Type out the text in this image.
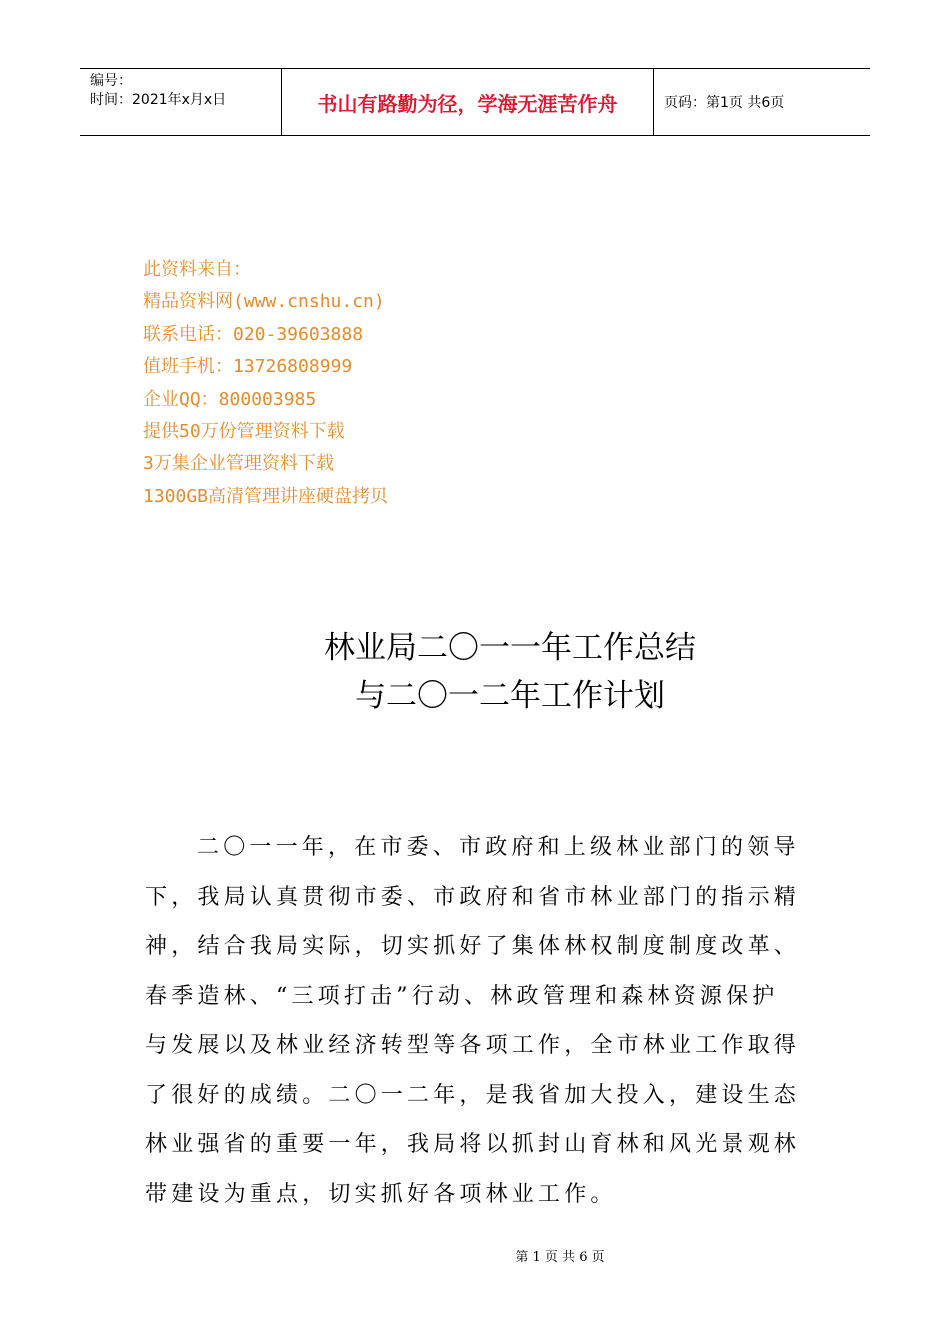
编号：
时间：2021年x月x日	书山有路勤为径，学海无涯苦作舟	页码：第1页 共6页
此资料来自：
精品资料网(www.cnshu.cn)
联系电话：020-39603888
值班手机：13726808999
企业QQ：800003985
提供50万份管理资料下载
3万集企业管理资料下载
1300GB高清管理讲座硬盘拷贝
林业局二〇一一年工作总结
与二〇一二年工作计划
二〇一一年，在市委、市政府和上级林业部门的领导
下，我局认真贯彻市委、市政府和省市林业部门的指示精
神，结合我局实际，切实抓好了集体林权制度制度改革、
春季造林、“三项打击”行动、林政管理和森林资源保护
与发展以及林业经济转型等各项工作，全市林业工作取得
了很好的成绩。二〇一二年，是我省加大投入，建设生态
林业强省的重要一年，我局将以抓封山育林和风光景观林
带建设为重点，切实抓好各项林业工作。
第 1 页 共 6 页
